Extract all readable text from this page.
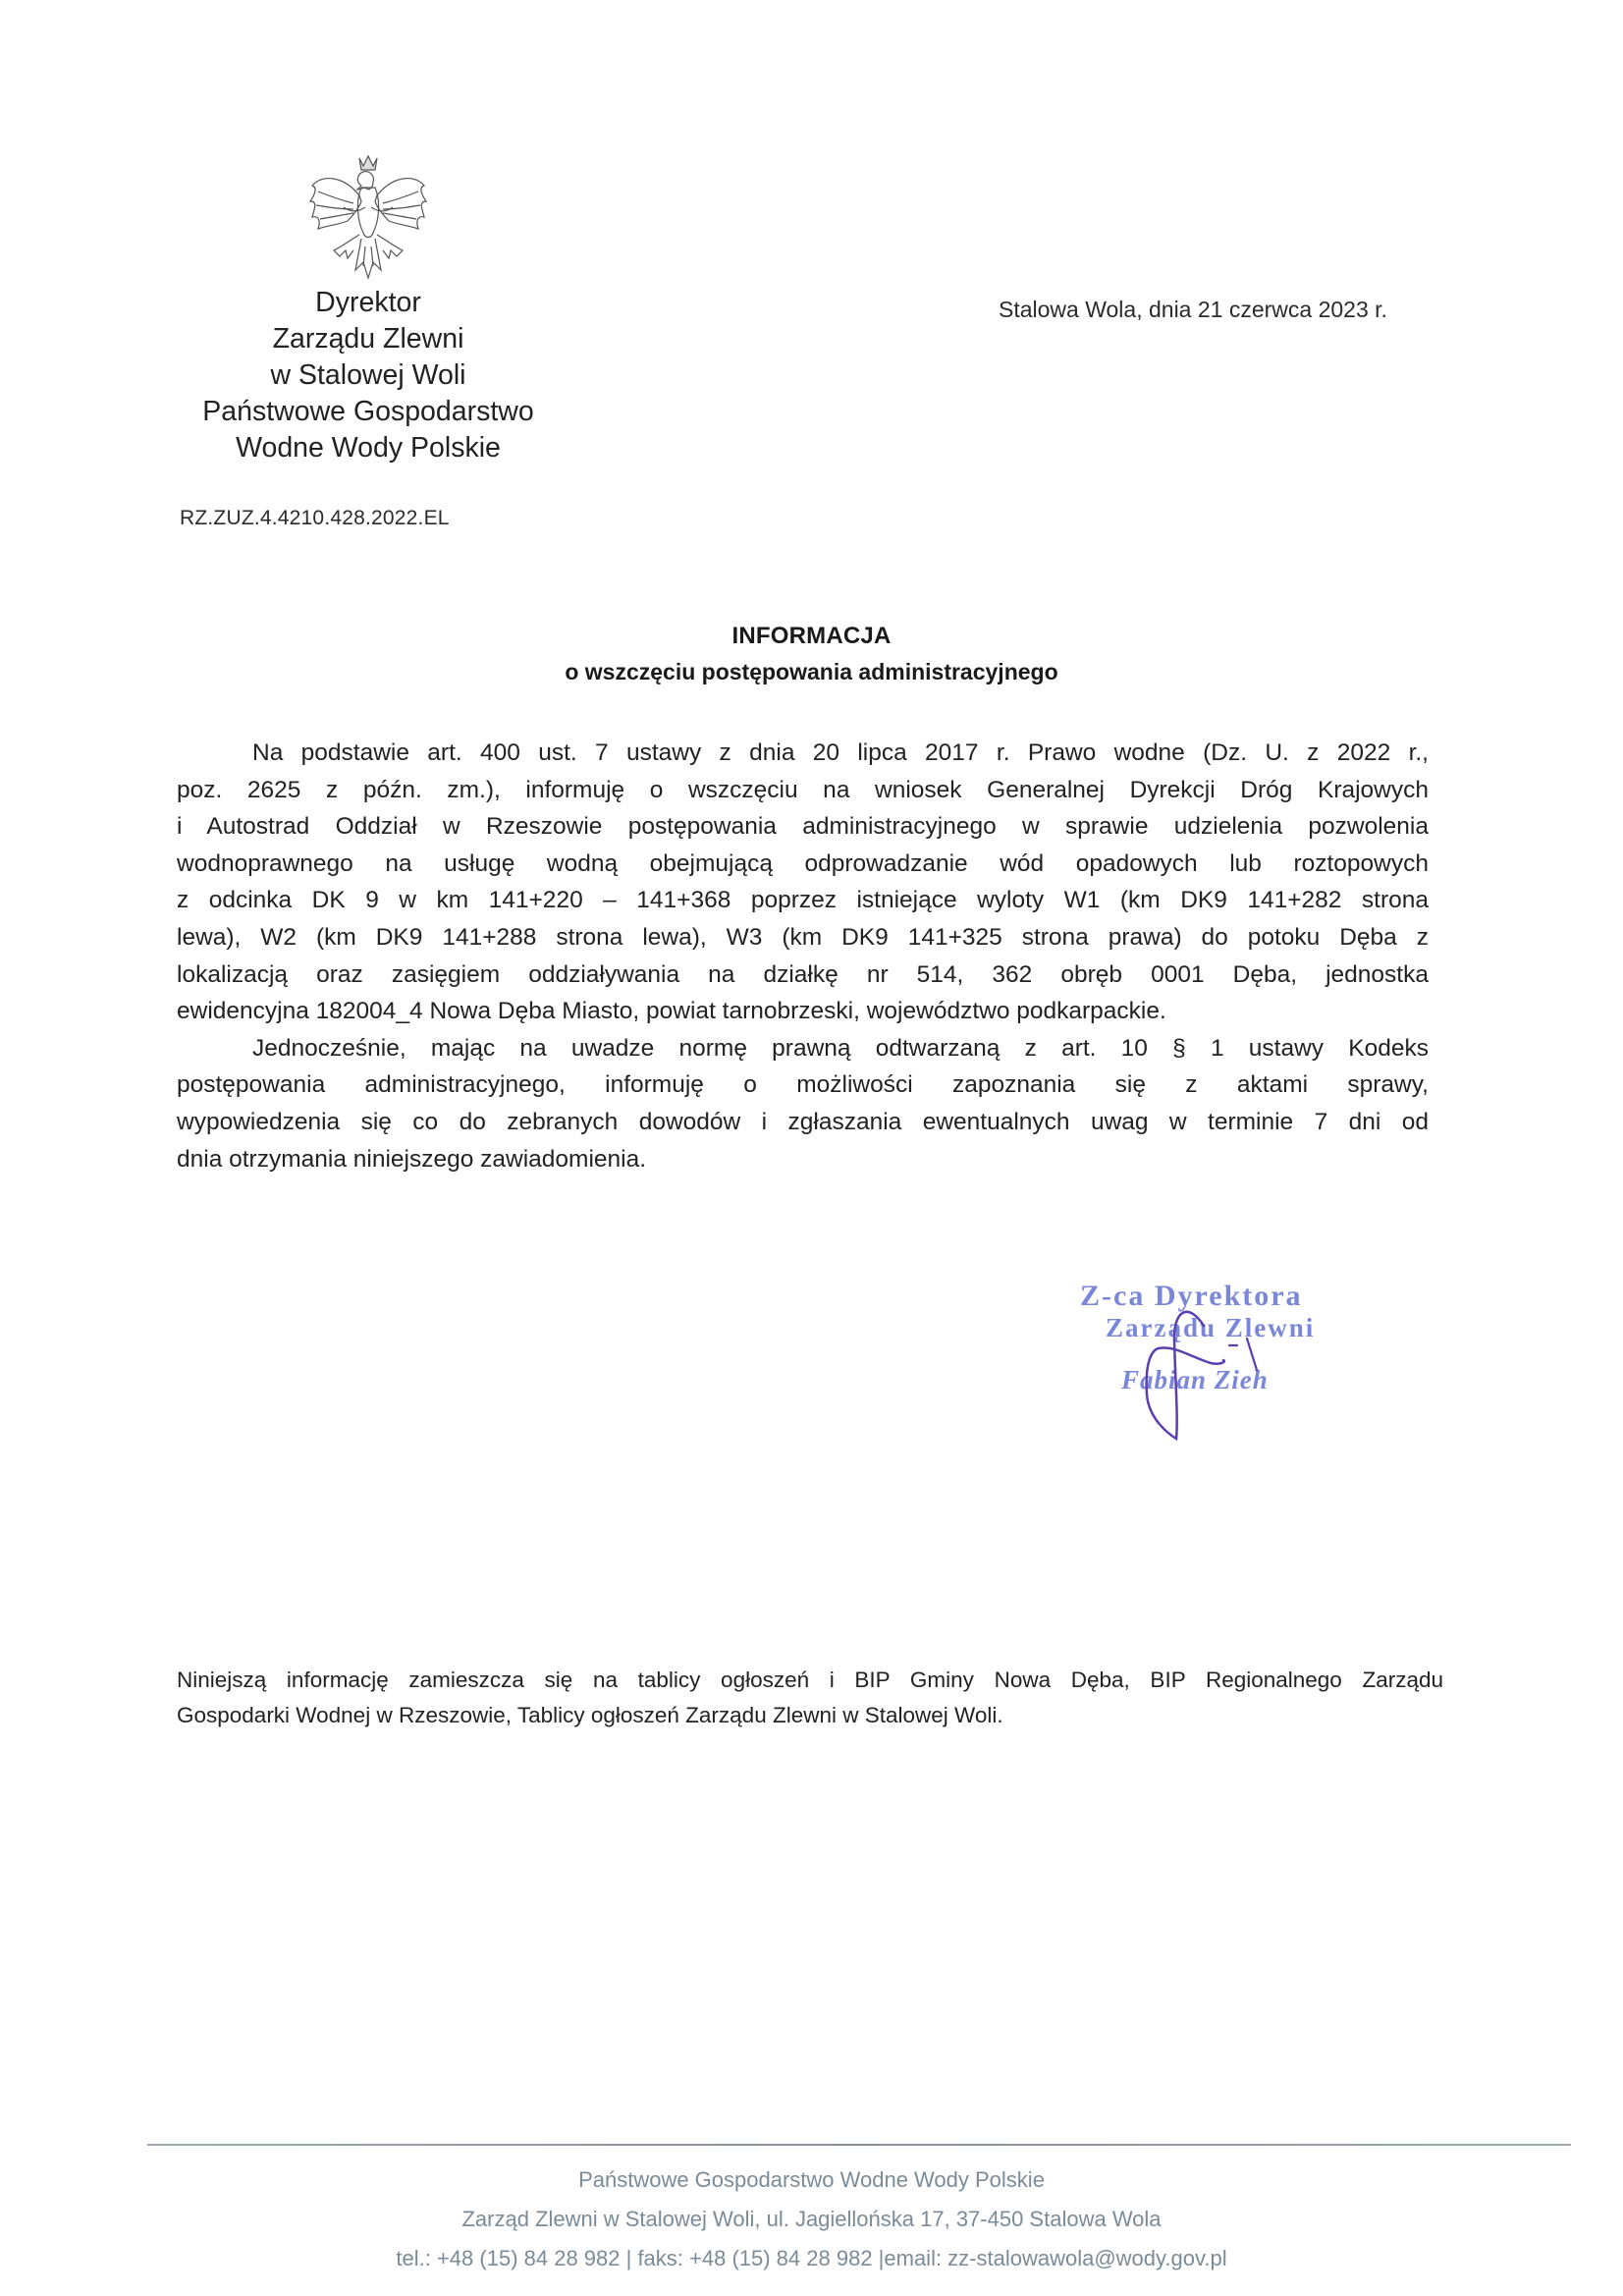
Dyrektor
Zarządu Zlewni
w Stalowej Woli
Państwowe Gospodarstwo
Wodne Wody Polskie
Stalowa Wola, dnia 21 czerwca 2023 r.
RZ.ZUZ.4.4210.428.2022.EL
INFORMACJA
o wszczęciu postępowania administracyjnego
Na podstawie art. 400 ust. 7 ustawy z dnia 20 lipca 2017 r. Prawo wodne (Dz. U. z 2022 r.,
poz. 2625 z późn. zm.), informuję o wszczęciu na wniosek Generalnej Dyrekcji Dróg Krajowych
i Autostrad Oddział w Rzeszowie postępowania administracyjnego w sprawie udzielenia pozwolenia
wodnoprawnego na usługę wodną obejmującą odprowadzanie wód opadowych lub roztopowych
z odcinka DK 9 w km 141+220 – 141+368 poprzez istniejące wyloty W1 (km DK9 141+282 strona
lewa), W2 (km DK9 141+288 strona lewa), W3 (km DK9 141+325 strona prawa) do potoku Dęba z
lokalizacją oraz zasięgiem oddziaływania na działkę nr 514, 362 obręb 0001 Dęba, jednostka
ewidencyjna 182004_4 Nowa Dęba Miasto, powiat tarnobrzeski, województwo podkarpackie.
Jednocześnie, mając na uwadze normę prawną odtwarzaną z art. 10 § 1 ustawy Kodeks
postępowania administracyjnego, informuję o możliwości zapoznania się z aktami sprawy,
wypowiedzenia się co do zebranych dowodów i zgłaszania ewentualnych uwag w terminie 7 dni od
dnia otrzymania niniejszego zawiadomienia.
Z-ca Dyrektora
Zarządu Zlewni
Fabian Zieh
Niniejszą informację zamieszcza się na tablicy ogłoszeń i BIP Gminy Nowa Dęba, BIP Regionalnego Zarządu
Gospodarki Wodnej w Rzeszowie, Tablicy ogłoszeń Zarządu Zlewni w Stalowej Woli.
Państwowe Gospodarstwo Wodne Wody Polskie
Zarząd Zlewni w Stalowej Woli, ul. Jagiellońska 17, 37-450 Stalowa Wola
tel.: +48 (15) 84 28 982 | faks: +48 (15) 84 28 982 |email: zz-stalowawola@wody.gov.pl
